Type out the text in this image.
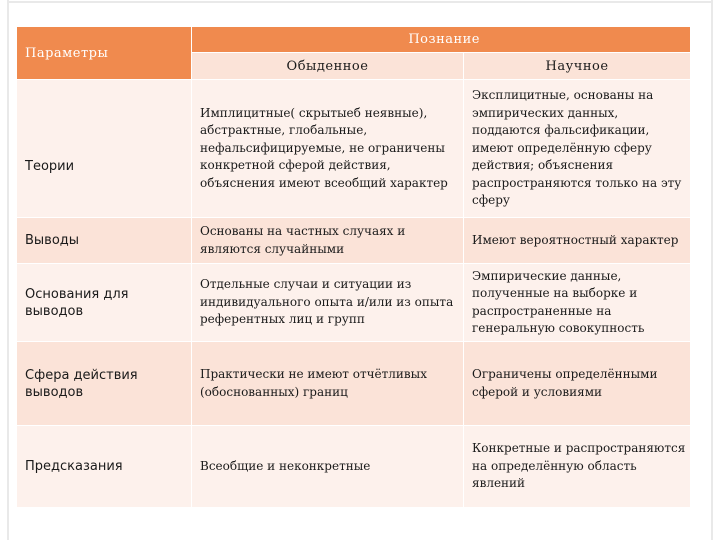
Параметры	Познание	
	Обыденное	Научное
Теории	Имплицитные( скрытыеб неявные), абстрактные, глобальные, нефальсифицируемые, не ограничены конкретной сферой действия, объяснения имеют всеобщий характер	Эксплицитные, основаны на эмпирических данных, поддаются фальсификации, имеют определённую сферу действия; объяснения распространяются только на эту сферу
Выводы	Основаны на частных случаях и являются случайными	Имеют вероятностный характер
Основания для выводов	Отдельные случаи и ситуации из индивидуального опыта и/или из опыта референтных лиц и групп	Эмпирические данные, полученные на выборке и распространенные на генеральную совокупность
Сфера действия выводов	Практически не имеют отчётливых (обоснованных) границ	Ограничены определёнными сферой и условиями
Предсказания	Всеобщие и неконкретные	Конкретные и распространяются на определённую область явлений
